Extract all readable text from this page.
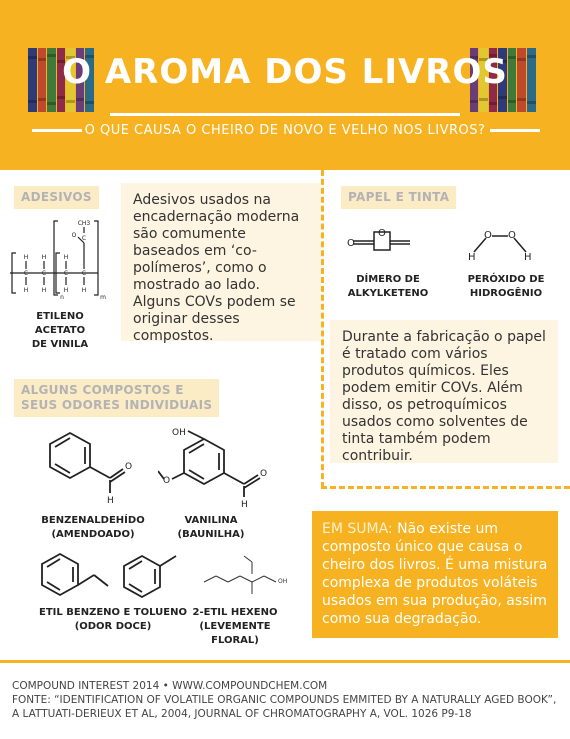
O AROMA DOS LIVROS
O QUE CAUSA O CHEIRO DE NOVO E VELHO NOS LIVROS?
ADESIVOS
H
H
H
H
H
H H
C C	C C
O C
CH3
n	m
ETILENO ACETATO
DE VINILA
Adesivos usados na encadernação moderna são comumente baseados em ‘co-polímeros’, como o mostrado ao lado. Alguns COVs podem se originar desses compostos.
PAPEL E TINTA
O
O
DÍMERO DE
ALKYLKETENO
H
O O
H
PERÓXIDO DE
HIDROGÊNIO
Durante a fabricação o papel é tratado com vários produtos químicos. Eles podem emitir COVs. Além disso, os petroquímicos usados como solventes de tinta também podem contribuir.
ALGUNS COMPOSTOS E
SEUS ODORES INDIVIDUAIS
O
H
BENZENALDEHÍDO
(AMENDOADO)
OH
O
O
H
VANILINA
(BAUNILHA)
ETIL BENZENO E TOLUENO
(ODOR DOCE)
OH
2-ETIL HEXENO
(LEVEMENTE FLORAL)
EM SUMA: Não existe um composto único que causa o cheiro dos livros. É uma mistura complexa de produtos voláteis usados em sua produção, assim como sua degradação.
COMPOUND INTEREST 2014 • WWW.COMPOUNDCHEM.COM
FONTE: “IDENTIFICATION OF VOLATILE ORGANIC COMPOUNDS EMMITED BY A NATURALLY AGED BOOK”, A LATTUATI-DERIEUX ET AL, 2004, JOURNAL OF CHROMATOGRAPHY A, VOL. 1026 P9-18
